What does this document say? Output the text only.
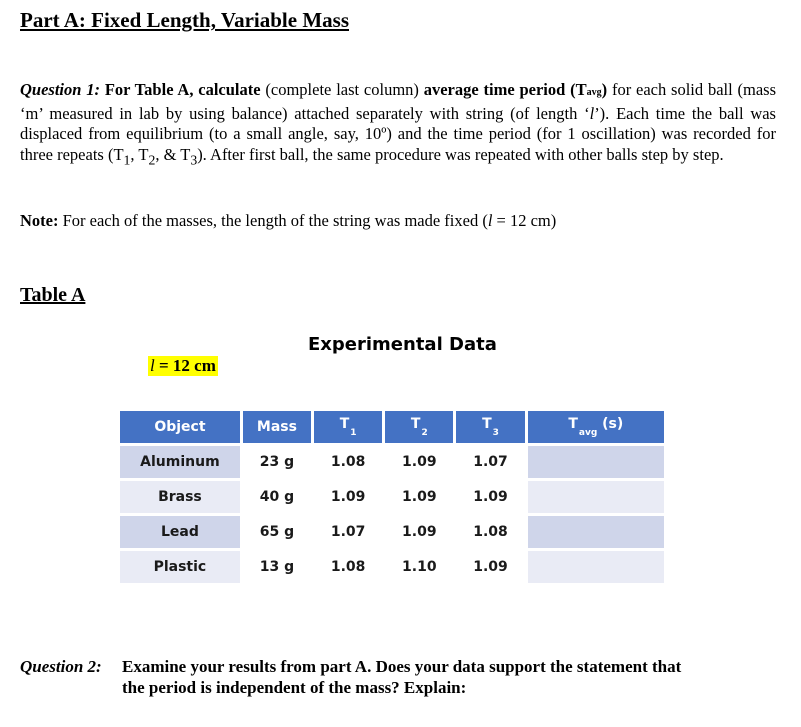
Part A: Fixed Length, Variable Mass
Question 1: For Table A, calculate (complete last column) average time period (Tavg) for each solid ball (mass ‘m’ measured in lab by using balance) attached separately with string (of length ‘l’). Each time the ball was displaced from equilibrium (to a small angle, say, 10º) and the time period (for 1 oscillation) was recorded for three repeats ($T_1$, $T_2$, & $T_3$). After first ball, the same procedure was repeated with other balls step by step.
Note: For each of the masses, the length of the string was made fixed (l = 12 cm)
Table A
Experimental Data
l = 12 cm
Object	Mass	$T_1$	$T_2$	$T_3$	$T_{avg}$ (s)
Aluminum	23 g	1.08	1.09	1.07	
Brass	40 g	1.09	1.09	1.09	
Lead	65 g	1.07	1.09	1.08	
Plastic	13 g	1.08	1.10	1.09	
Question 2:	Examine your results from part A. Does your data support the statement that
the period is independent of the mass? Explain:
